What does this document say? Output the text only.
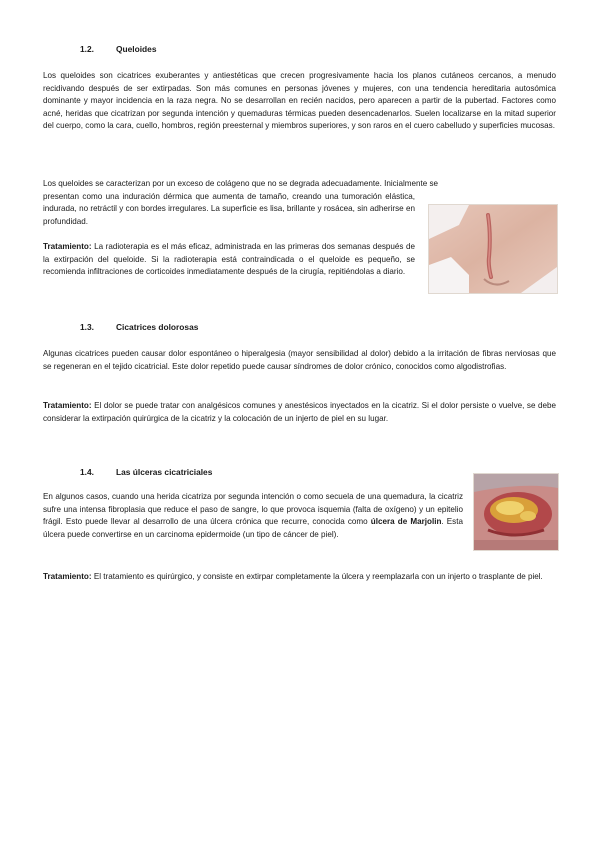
1.2.	Queloides

Los queloides son cicatrices exuberantes y antiestéticas que crecen progresivamente hacia los planos cutáneos cercanos, a menudo recidivando después de ser extirpadas. Son más comunes en personas jóvenes y mujeres, con una tendencia hereditaria autosómica dominante y mayor incidencia en la raza negra. No se desarrollan en recién nacidos, pero aparecen a partir de la pubertad. Factores como acné, heridas que cicatrizan por segunda intención y quemaduras térmicas pueden desencadenarlos. Suelen localizarse en la mitad superior del cuerpo, como la cara, cuello, hombros, región preesternal y miembros superiores, y son raros en el cuero cabelludo y superficies mucosas.

Los queloides se caracterizan por un exceso de colágeno que no se degrada adecuadamente. Inicialmente se

presentan como una induración dérmica que aumenta de tamaño, creando una tumoración elástica, indurada, no retráctil y con bordes irregulares. La superficie es lisa, brillante y rosácea, sin adherirse en profundidad.

Tratamiento: La radioterapia es el más eficaz, administrada en las primeras dos semanas después de la extirpación del queloide. Si la radioterapia está contraindicada o el queloide es pequeño, se recomienda infiltraciones de corticoides inmediatamente después de la cirugía, repitiéndolas a diario.

1.3.	Cicatrices dolorosas

Algunas cicatrices pueden causar dolor espontáneo o hiperalgesia (mayor sensibilidad al dolor) debido a la irritación de fibras nerviosas que se regeneran en el tejido cicatricial. Este dolor repetido puede causar síndromes de dolor crónico, conocidos como algodistrofias.

Tratamiento: El dolor se puede tratar con analgésicos comunes y anestésicos inyectados en la cicatriz. Si el dolor persiste o vuelve, se debe considerar la extirpación quirúrgica de la cicatriz y la colocación de un injerto de piel en su lugar.

1.4.	Las úlceras cicatriciales

En algunos casos, cuando una herida cicatriza por segunda intención o como secuela de una quemadura, la cicatriz sufre una intensa fibroplasia que reduce el paso de sangre, lo que provoca isquemia (falta de oxígeno) y un epitelio frágil. Esto puede llevar al desarrollo de una úlcera crónica que recurre, conocida como úlcera de Marjolin. Esta úlcera puede convertirse en un carcinoma epidermoide (un tipo de cáncer de piel).

Tratamiento: El tratamiento es quirúrgico, y consiste en extirpar completamente la úlcera y reemplazarla con un injerto o trasplante de piel.
